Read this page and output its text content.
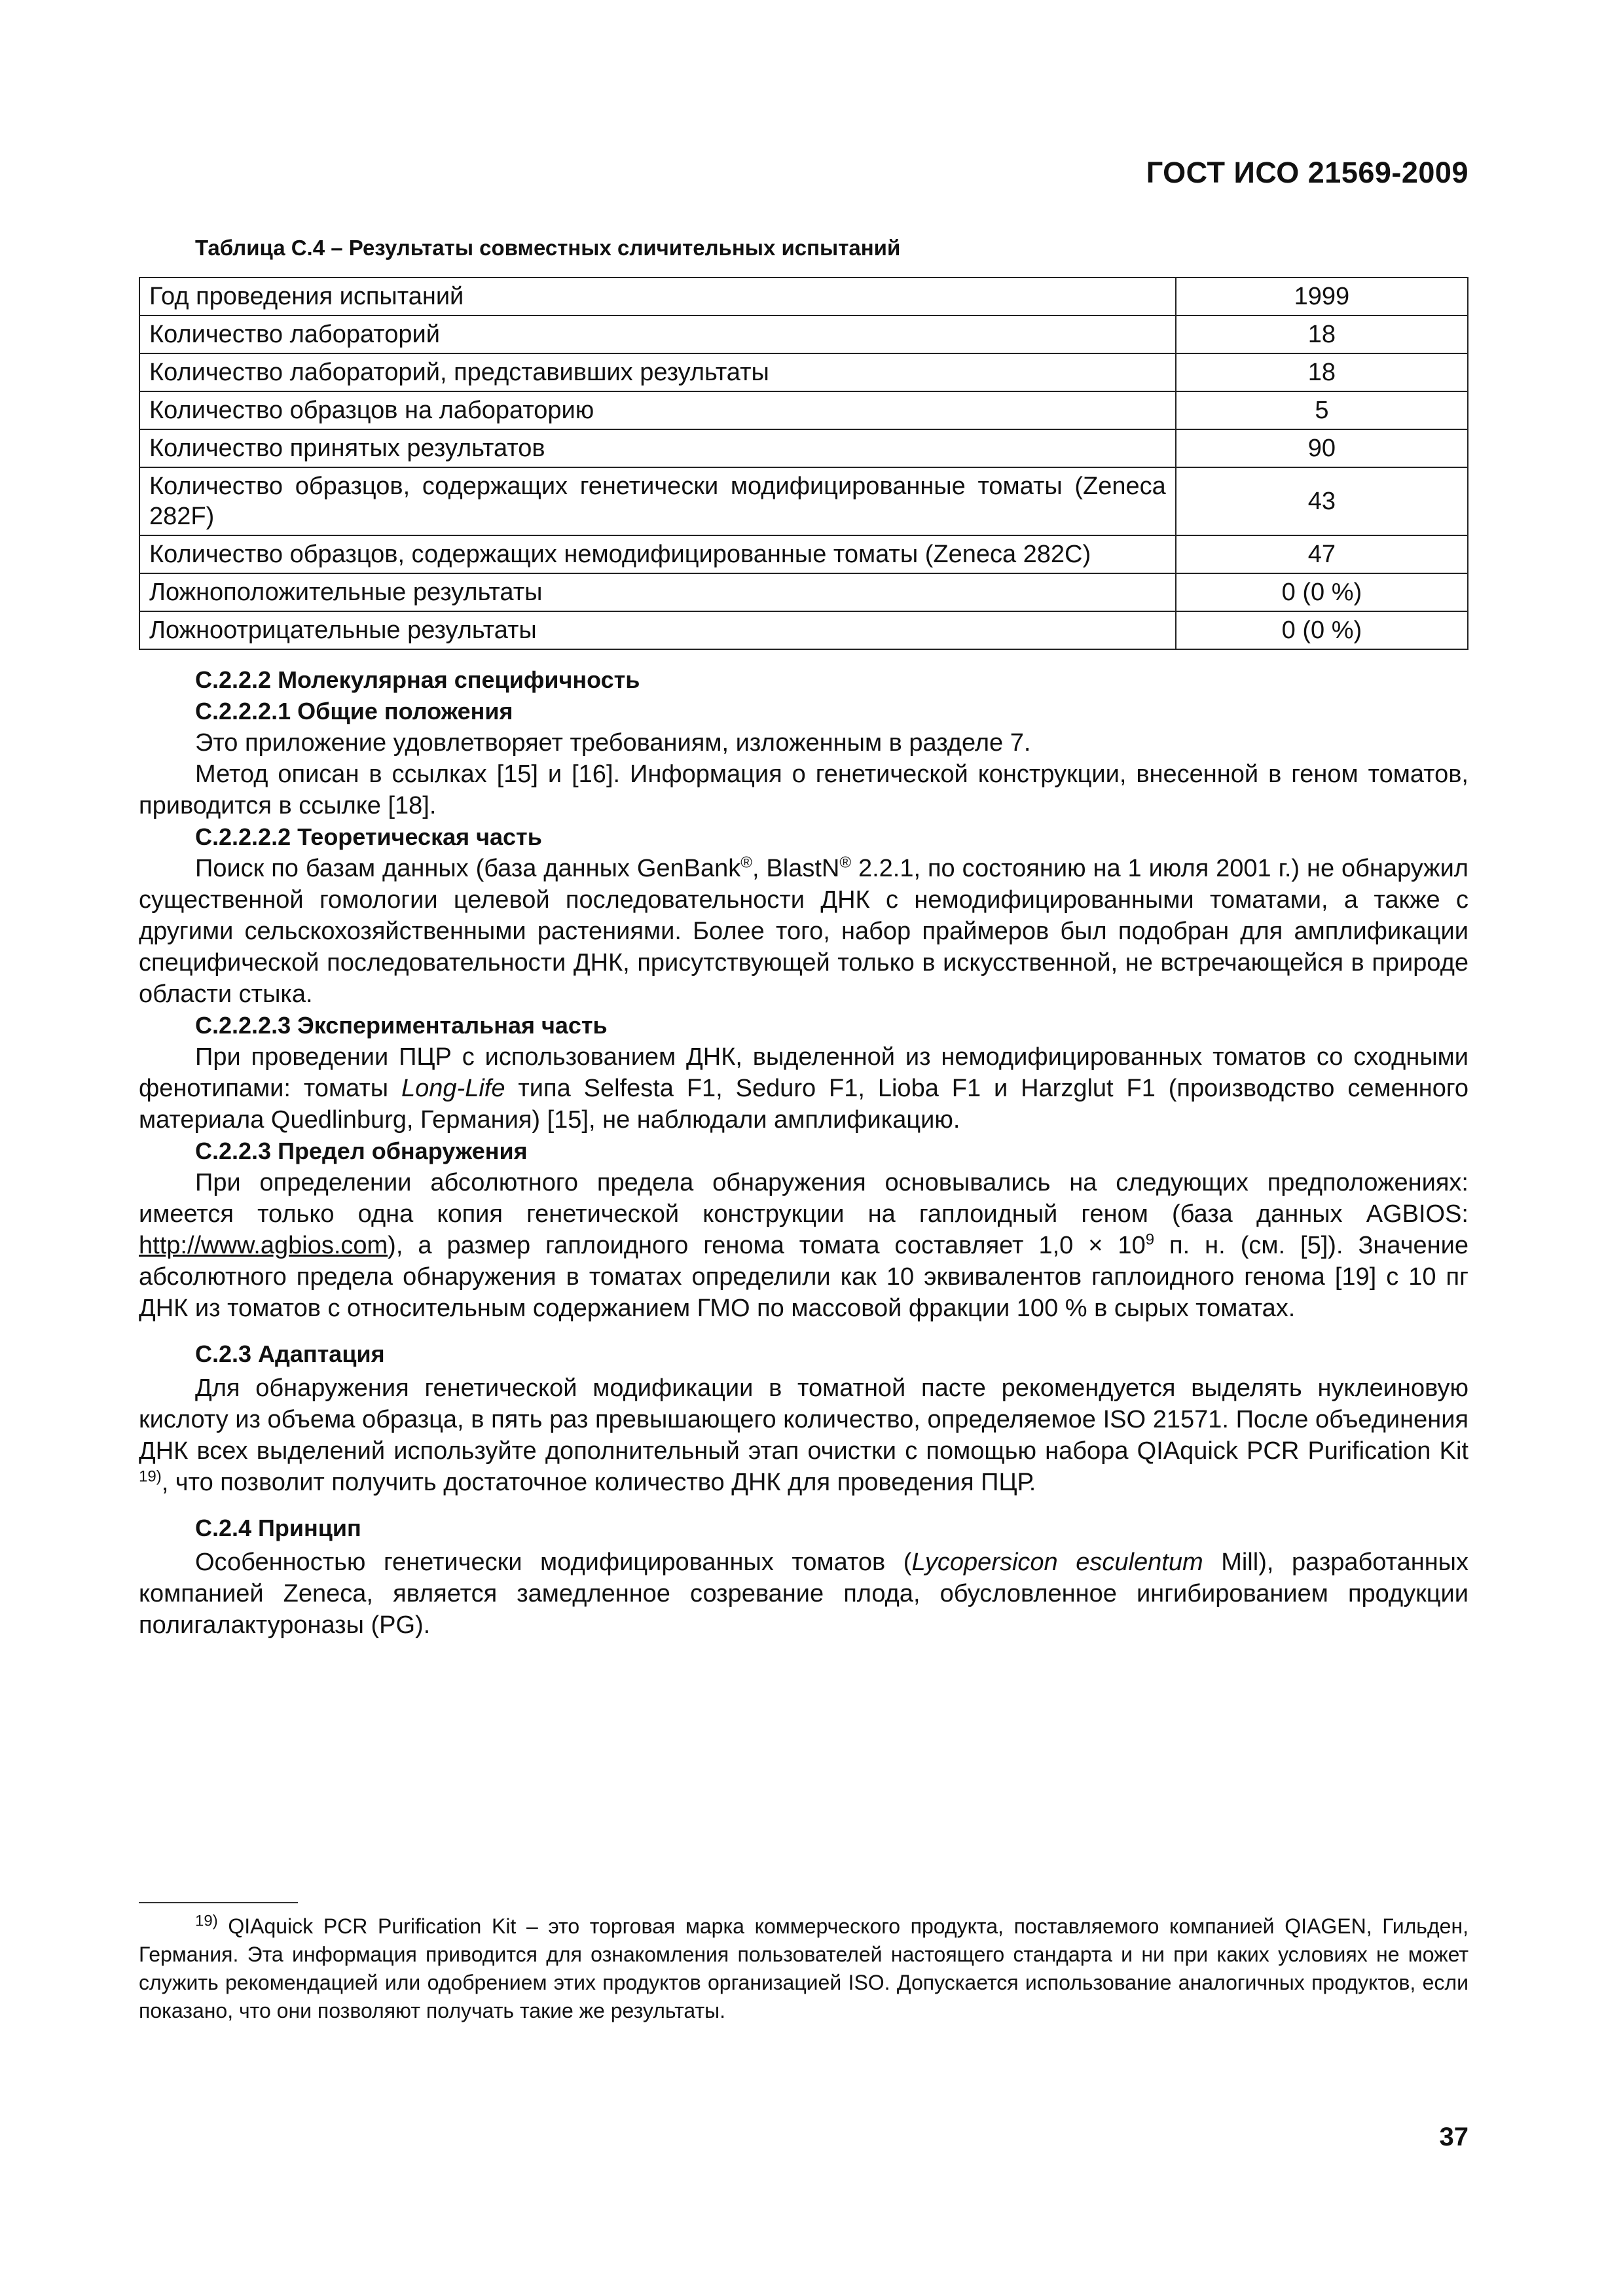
ГОСТ ИСО 21569-2009
Таблица С.4 – Результаты совместных сличительных испытаний
Год проведения испытаний	1999
Количество лабораторий	18
Количество лабораторий, представивших результаты	18
Количество образцов на лабораторию	5
Количество принятых результатов	90
Количество образцов, содержащих генетически модифицированные томаты (Zeneca 282F)	43
Количество образцов, содержащих немодифицированные томаты (Zeneca 282C)	47
Ложноположительные результаты	0 (0 %)
Ложноотрицательные результаты	0 (0 %)
С.2.2.2 Молекулярная специфичность
С.2.2.2.1 Общие положения

Это приложение удовлетворяет требованиям, изложенным в разделе 7.

Метод описан в ссылках [15] и [16]. Информация о генетической конструкции, внесенной в геном томатов, приводится в ссылке [18].

С.2.2.2.2 Теоретическая часть

Поиск по базам данных (база данных GenBank®, BlastN® 2.2.1, по состоянию на 1 июля 2001 г.) не обнаружил существенной гомологии целевой последовательности ДНК с немодифицированными томатами, а также с другими сельскохозяйственными растениями. Более того, набор праймеров был подобран для амплификации специфической последовательности ДНК, присутствующей только в искусственной, не встречающейся в природе области стыка.

С.2.2.2.3 Экспериментальная часть

При проведении ПЦР с использованием ДНК, выделенной из немодифицированных томатов со сходными фенотипами: томаты Long-Life типа Selfesta F1, Seduro F1, Lioba F1 и Harzglut F1 (производство семенного материала Quedlinburg, Германия) [15], не наблюдали амплификацию.

С.2.2.3 Предел обнаружения

При определении абсолютного предела обнаружения основывались на следующих предположениях: имеется только одна копия генетической конструкции на гаплоидный геном (база данных AGBIOS: http://www.agbios.com), а размер гаплоидного генома томата составляет $1,0 \times 10^9$ п. н. (см. [5]). Значение абсолютного предела обнаружения в томатах определили как 10 эквивалентов гаплоидного генома [19] с 10 пг ДНК из томатов с относительным содержанием ГМО по массовой фракции 100 % в сырых томатах.

С.2.3 Адаптация

Для обнаружения генетической модификации в томатной пасте рекомендуется выделять нуклеиновую кислоту из объема образца, в пять раз превышающего количество, определяемое ISO 21571. После объединения ДНК всех выделений используйте дополнительный этап очистки с помощью набора QIAquick PCR Purification Kit $^{19)}$, что позволит получить достаточное количество ДНК для проведения ПЦР.

С.2.4 Принцип

Особенностью генетически модифицированных томатов (Lycopersicon esculentum Mill), разработанных компанией Zeneca, является замедленное созревание плода, обусловленное ингибированием продукции полигалактуроназы (PG).

$^{19)}$ QIAquick PCR Purification Kit – это торговая марка коммерческого продукта, поставляемого компанией QIAGEN, Гильден, Германия. Эта информация приводится для ознакомления пользователей настоящего стандарта и ни при каких условиях не может служить рекомендацией или одобрением этих продуктов организацией ISO. Допускается использование аналогичных продуктов, если показано, что они позволяют получать такие же результаты.
37
